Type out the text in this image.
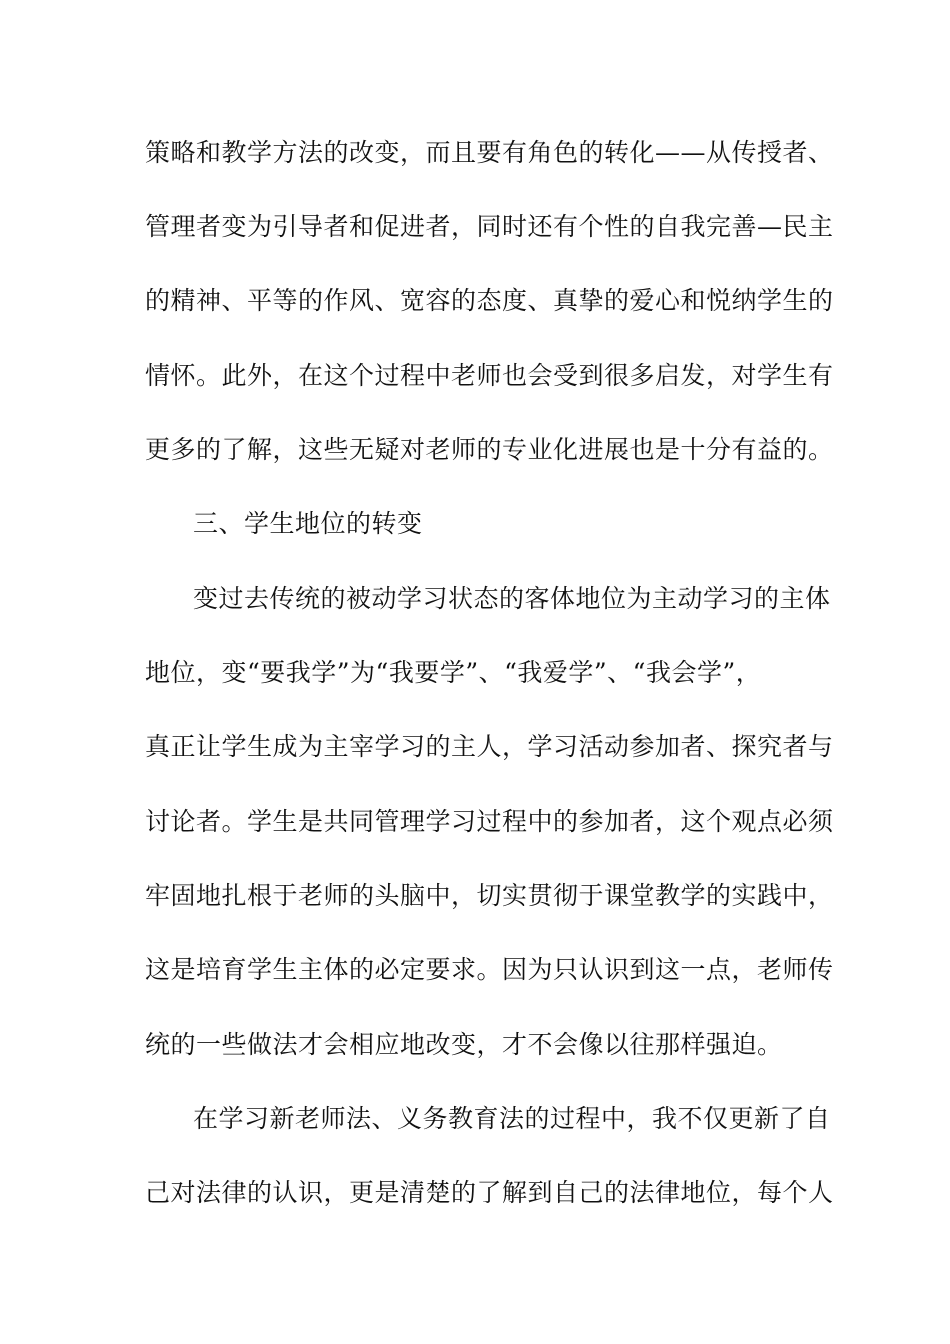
策略和教学方法的改变，而且要有角色的转化——从传授者、
管理者变为引导者和促进者，同时还有个性的自我完善—民主
的精神、平等的作风、宽容的态度、真挚的爱心和悦纳学生的
情怀。此外，在这个过程中老师也会受到很多启发，对学生有
更多的了解，这些无疑对老师的专业化进展也是十分有益的。
三、学生地位的转变
变过去传统的被动学习状态的客体地位为主动学习的主体
地位，变“要我学”为“我要学”、“我爱学”、“我会学”，
真正让学生成为主宰学习的主人，学习活动参加者、探究者与
讨论者。学生是共同管理学习过程中的参加者，这个观点必须
牢固地扎根于老师的头脑中，切实贯彻于课堂教学的实践中，
这是培育学生主体的必定要求。因为只认识到这一点，老师传
统的一些做法才会相应地改变，才不会像以往那样强迫。
在学习新老师法、义务教育法的过程中，我不仅更新了自
己对法律的认识，更是清楚的了解到自己的法律地位，每个人
